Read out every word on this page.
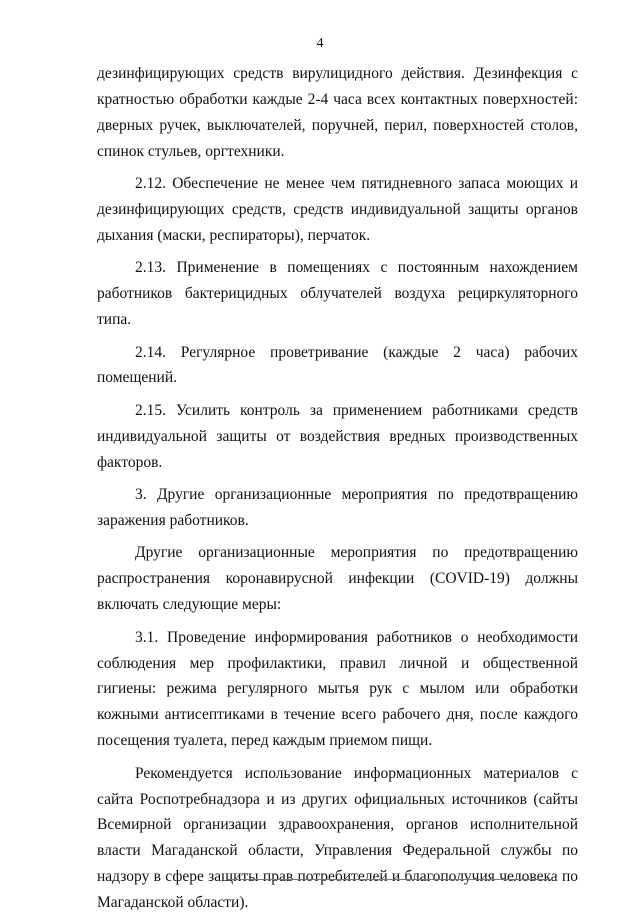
4

дезинфицирующих средств вирулицидного действия. Дезинфекция с кратностью обработки каждые 2-4 часа всех контактных поверхностей: дверных ручек, выключателей, поручней, перил, поверхностей столов, спинок стульев, оргтехники.

2.12. Обеспечение не менее чем пятидневного запаса моющих и дезинфицирующих средств, средств индивидуальной защиты органов дыхания (маски, респираторы), перчаток.

2.13. Применение в помещениях с постоянным нахождением работников бактерицидных облучателей воздуха рециркуляторного типа.

2.14. Регулярное проветривание (каждые 2 часа) рабочих помещений.

2.15. Усилить контроль за применением работниками средств индивидуальной защиты от воздействия вредных производственных факторов.

3. Другие организационные мероприятия по предотвращению заражения работников.

Другие организационные мероприятия по предотвращению распространения коронавирусной инфекции (COVID-19) должны включать следующие меры:

3.1. Проведение информирования работников о необходимости соблюдения мер профилактики, правил личной и общественной гигиены: режима регулярного мытья рук с мылом или обработки кожными антисептиками в течение всего рабочего дня, после каждого посещения туалета, перед каждым приемом пищи.

Рекомендуется использование информационных материалов с сайта Роспотребнадзора и из других официальных источников (сайты Всемирной организации здравоохранения, органов исполнительной власти Магаданской области, Управления Федеральной службы по надзору в сфере защиты прав потребителей и благополучия человека по Магаданской области).
